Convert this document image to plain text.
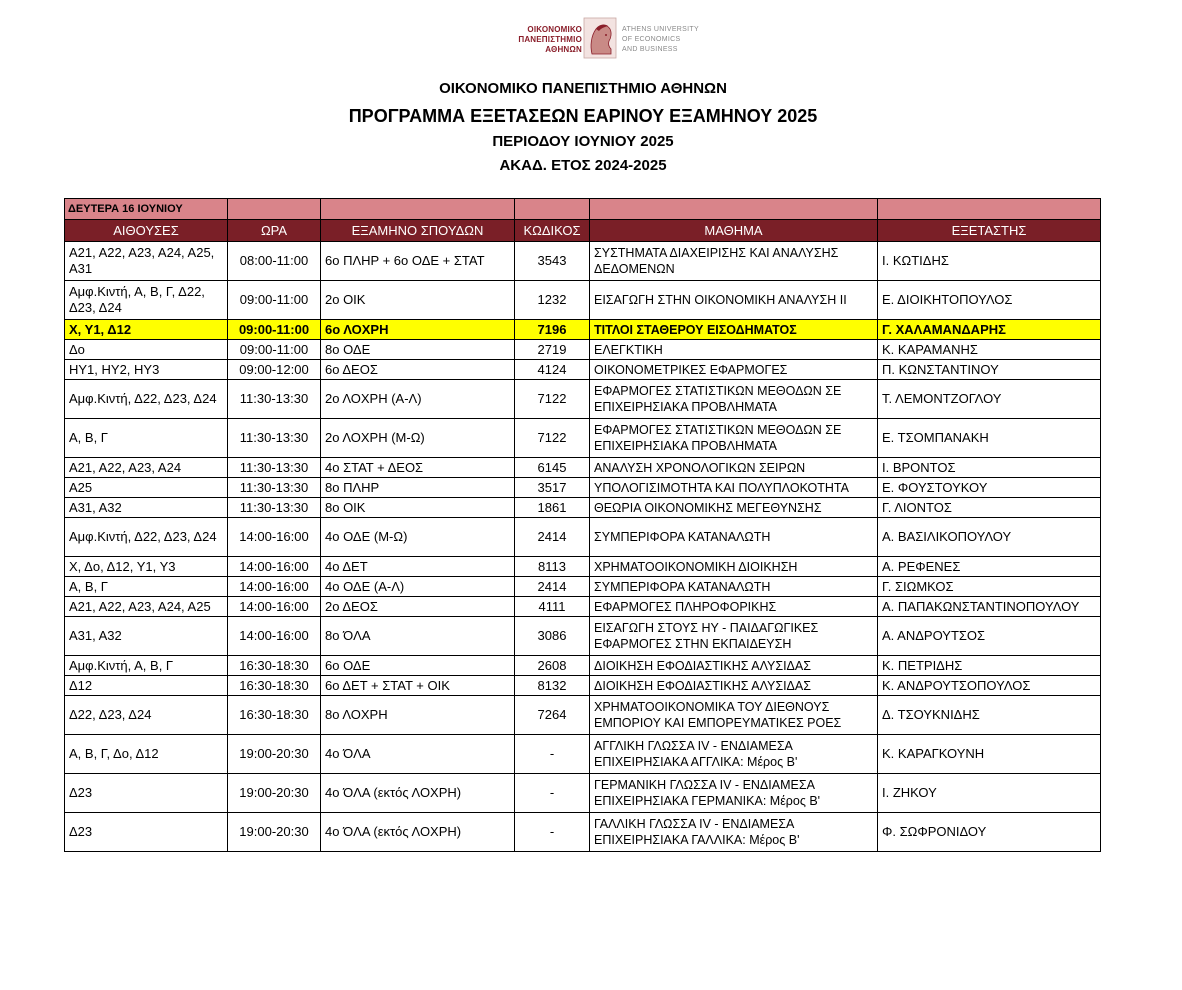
ΟΙΚΟΝΟΜΙΚΟ
ΠΑΝΕΠΙΣΤΗΜΙΟ
ΑΘΗΝΩΝ
ATHENS UNIVERSITY
OF ECONOMICS
AND BUSINESS
ΟΙΚΟΝΟΜΙΚΟ ΠΑΝΕΠΙΣΤΗΜΙΟ ΑΘΗΝΩΝ
ΠΡΟΓΡΑΜΜΑ ΕΞΕΤΑΣΕΩΝ ΕΑΡΙΝΟΥ ΕΞΑΜΗΝΟΥ 2025
ΠΕΡΙΟΔΟΥ ΙΟΥΝΙΟΥ 2025
ΑΚΑΔ. ΕΤΟΣ 2024-2025
ΔΕΥΤΕΡΑ 16 ΙΟΥΝΙΟΥ					
ΑΙΘΟΥΣΕΣ	ΩΡΑ	ΕΞΑΜΗΝΟ ΣΠΟΥΔΩΝ	ΚΩΔΙΚΟΣ	ΜΑΘΗΜΑ	ΕΞΕΤΑΣΤΗΣ
Α21, Α22, Α23, Α24, Α25, Α31	08:00-11:00	6ο ΠΛΗΡ + 6ο ΟΔΕ + ΣΤΑΤ	3543	ΣΥΣΤΗΜΑΤΑ ΔΙΑΧΕΙΡΙΣΗΣ ΚΑΙ ΑΝΑΛΥΣΗΣ ΔΕΔΟΜΕΝΩΝ	Ι. ΚΩΤΙΔΗΣ
Αμφ.Κιντή, Α, Β, Γ, Δ22, Δ23, Δ24	09:00-11:00	2ο ΟΙΚ	1232	ΕΙΣΑΓΩΓΗ ΣΤΗΝ ΟΙΚΟΝΟΜΙΚΗ ΑΝΑΛΥΣΗ ΙΙ	Ε. ΔΙΟΙΚΗΤΟΠΟΥΛΟΣ
Χ, Υ1, Δ12	09:00-11:00	6ο ΛΟΧΡΗ	7196	ΤΙΤΛΟΙ ΣΤΑΘΕΡΟΥ ΕΙΣΟΔΗΜΑΤΟΣ	Γ. ΧΑΛΑΜΑΝΔΑΡΗΣ
Δο	09:00-11:00	8ο ΟΔΕ	2719	ΕΛΕΓΚΤΙΚΗ	Κ. ΚΑΡΑΜΑΝΗΣ
ΗΥ1, ΗΥ2, ΗΥ3	09:00-12:00	6ο ΔΕΟΣ	4124	ΟΙΚΟΝΟΜΕΤΡΙΚΕΣ ΕΦΑΡΜΟΓΕΣ	Π. ΚΩΝΣΤΑΝΤΙΝΟΥ
Αμφ.Κιντή, Δ22, Δ23, Δ24	11:30-13:30	2ο ΛΟΧΡΗ (Α-Λ)	7122	ΕΦΑΡΜΟΓΕΣ ΣΤΑΤΙΣΤΙΚΩΝ ΜΕΘΟΔΩΝ ΣΕ ΕΠΙΧΕΙΡΗΣΙΑΚΑ ΠΡΟΒΛΗΜΑΤΑ	Τ. ΛΕΜΟΝΤΖΟΓΛΟΥ
Α, Β, Γ	11:30-13:30	2ο ΛΟΧΡΗ (Μ-Ω)	7122	ΕΦΑΡΜΟΓΕΣ ΣΤΑΤΙΣΤΙΚΩΝ ΜΕΘΟΔΩΝ ΣΕ ΕΠΙΧΕΙΡΗΣΙΑΚΑ ΠΡΟΒΛΗΜΑΤΑ	Ε. ΤΣΟΜΠΑΝΑΚΗ
Α21, Α22, Α23, Α24	11:30-13:30	4ο ΣΤΑΤ + ΔΕΟΣ	6145	ΑΝΑΛΥΣΗ ΧΡΟΝΟΛΟΓΙΚΩΝ ΣΕΙΡΩΝ	Ι. ΒΡΟΝΤΟΣ
Α25	11:30-13:30	8ο ΠΛΗΡ	3517	ΥΠΟΛΟΓΙΣΙΜΟΤΗΤΑ ΚΑΙ ΠΟΛΥΠΛΟΚΟΤΗΤΑ	Ε. ΦΟΥΣΤΟΥΚΟΥ
Α31, Α32	11:30-13:30	8ο ΟΙΚ	1861	ΘΕΩΡΙΑ ΟΙΚΟΝΟΜΙΚΗΣ ΜΕΓΕΘΥΝΣΗΣ	Γ. ΛΙΟΝΤΟΣ
Αμφ.Κιντή, Δ22, Δ23, Δ24	14:00-16:00	4ο ΟΔΕ (Μ-Ω)	2414	ΣΥΜΠΕΡΙΦΟΡΑ ΚΑΤΑΝΑΛΩΤΗ	Α. ΒΑΣΙΛΙΚΟΠΟΥΛΟΥ
Χ, Δο, Δ12, Υ1, Υ3	14:00-16:00	4ο ΔΕΤ	8113	ΧΡΗΜΑΤΟΟΙΚΟΝΟΜΙΚΗ ΔΙΟΙΚΗΣΗ	Α. ΡΕΦΕΝΕΣ
Α, Β, Γ	14:00-16:00	4ο ΟΔΕ (Α-Λ)	2414	ΣΥΜΠΕΡΙΦΟΡΑ ΚΑΤΑΝΑΛΩΤΗ	Γ. ΣΙΩΜΚΟΣ
Α21, Α22, Α23, Α24, Α25	14:00-16:00	2ο ΔΕΟΣ	4111	ΕΦΑΡΜΟΓΕΣ ΠΛΗΡΟΦΟΡΙΚΗΣ	Α. ΠΑΠΑΚΩΝΣΤΑΝΤΙΝΟΠΟΥΛΟΥ
Α31, Α32	14:00-16:00	8ο ΌΛΑ	3086	ΕΙΣΑΓΩΓΗ ΣΤΟΥΣ ΗΥ - ΠΑΙΔΑΓΩΓΙΚΕΣ ΕΦΑΡΜΟΓΕΣ ΣΤΗΝ ΕΚΠΑΙΔΕΥΣΗ	Α. ΑΝΔΡΟΥΤΣΟΣ
Αμφ.Κιντή, Α, Β, Γ	16:30-18:30	6ο ΟΔΕ	2608	ΔΙΟΙΚΗΣΗ ΕΦΟΔΙΑΣΤΙΚΗΣ ΑΛΥΣΙΔΑΣ	Κ. ΠΕΤΡΙΔΗΣ
Δ12	16:30-18:30	6ο ΔΕΤ + ΣΤΑΤ + ΟΙΚ	8132	ΔΙΟΙΚΗΣΗ ΕΦΟΔΙΑΣΤΙΚΗΣ ΑΛΥΣΙΔΑΣ	Κ. ΑΝΔΡΟΥΤΣΟΠΟΥΛΟΣ
Δ22, Δ23, Δ24	16:30-18:30	8ο ΛΟΧΡΗ	7264	ΧΡΗΜΑΤΟΟΙΚΟΝΟΜΙΚΑ ΤΟΥ ΔΙΕΘΝΟΥΣ ΕΜΠΟΡΙΟΥ ΚΑΙ ΕΜΠΟΡΕΥΜΑΤΙΚΕΣ ΡΟΕΣ	Δ. ΤΣΟΥΚΝΙΔΗΣ
Α, Β, Γ, Δο, Δ12	19:00-20:30	4ο ΌΛΑ	-	ΑΓΓΛΙΚΗ ΓΛΩΣΣΑ IV - ΕΝΔΙΑΜΕΣΑ ΕΠΙΧΕΙΡΗΣΙΑΚΑ ΑΓΓΛΙΚΑ: Μέρος Β'	Κ. ΚΑΡΑΓΚΟΥΝΗ
Δ23	19:00-20:30	4ο ΌΛΑ (εκτός ΛΟΧΡΗ)	-	ΓΕΡΜΑΝΙΚΗ ΓΛΩΣΣΑ IV - ΕΝΔΙΑΜΕΣΑ ΕΠΙΧΕΙΡΗΣΙΑΚΑ ΓΕΡΜΑΝΙΚΑ: Μέρος Β'	Ι. ΖΗΚΟΥ
Δ23	19:00-20:30	4ο ΌΛΑ (εκτός ΛΟΧΡΗ)	-	ΓΑΛΛΙΚΗ ΓΛΩΣΣΑ IV - ΕΝΔΙΑΜΕΣΑ ΕΠΙΧΕΙΡΗΣΙΑΚΑ ΓΑΛΛΙΚΑ: Μέρος Β'	Φ. ΣΩΦΡΟΝΙΔΟΥ
